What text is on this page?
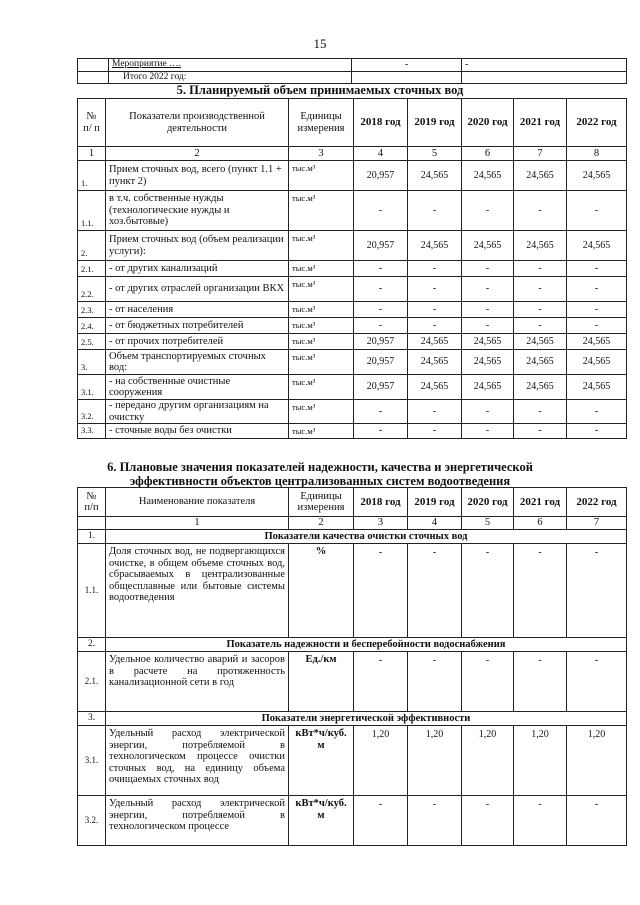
15
	Мероприятие ….	-	-
	Итого 2022 год:		
5. Планируемый объем принимаемых сточных вод
№ п/ п	Показатели производственной деятельности	Единицы измерения	2018 год	2019 год	2020 год	2021 год	2022 год
1	2	3	4	5	6	7	8
1.	Прием сточных вод, всего (пункт 1.1 + пункт 2)	тыс.м³	20,957	24,565	24,565	24,565	24,565
1.1.	в т.ч. собственные нужды (технологические нужды и хоз.бытовые)	тыс.м³	-	-	-	-	-
2.	Прием сточных вод (объем реализации услуги):	тыс.м³	20,957	24,565	24,565	24,565	24,565
2.1.	- от других канализаций	тыс.м³	-	-	-	-	-
2.2.	- от других отраслей организации ВКХ	тыс.м³	-	-	-	-	-
2.3.	- от населения	тыс.м³	-	-	-	-	-
2.4.	- от бюджетных потребителей	тыс.м³	-	-	-	-	-
2.5.	- от прочих потребителей	тыс.м³	20,957	24,565	24,565	24,565	24,565
3.	Объем транспортируемых сточных вод:	тыс.м³	20,957	24,565	24,565	24,565	24,565
3.1.	- на собственные очистные сооружения	тыс.м³	20,957	24,565	24,565	24,565	24,565
3.2.	- передано другим организациям на очистку	тыс.м³	-	-	-	-	-
3.3.	- сточные воды без очистки	тыс.м³	-	-	-	-	-
6. Плановые значения показателей надежности, качества и энергетической
эффективности объектов централизованных систем водоотведения
№ п/п	Наименование показателя	Единицы измерения	2018 год	2019 год	2020 год	2021 год	2022 год
	1	2	3	4	5	6	7
1.	Показатели качества очистки сточных вод						
1.1.	Доля сточных вод, не подвергающихся очистке, в общем объеме сточных вод, сбрасываемых в централизованные общесплавные или бытовые системы водоотведения	%	-	-	-	-	-
2.	Показатель надежности и бесперебойности водоснабжения						
2.1.	Удельное количество аварий и засоров в расчете на протяженность канализационной сети в год	Ед./км	-	-	-	-	-
3.	Показатели энергетической эффективности						
3.1.	Удельный расход электрической энергии, потребляемой в технологическом процессе очистки сточных вод, на единицу объема очищаемых сточных вод	кВт*ч/куб. м	1,20	1,20	1,20	1,20	1,20
3.2.	Удельный расход электрической энергии, потребляемой в технологическом процессе	кВт*ч/куб. м	-	-	-	-	-
